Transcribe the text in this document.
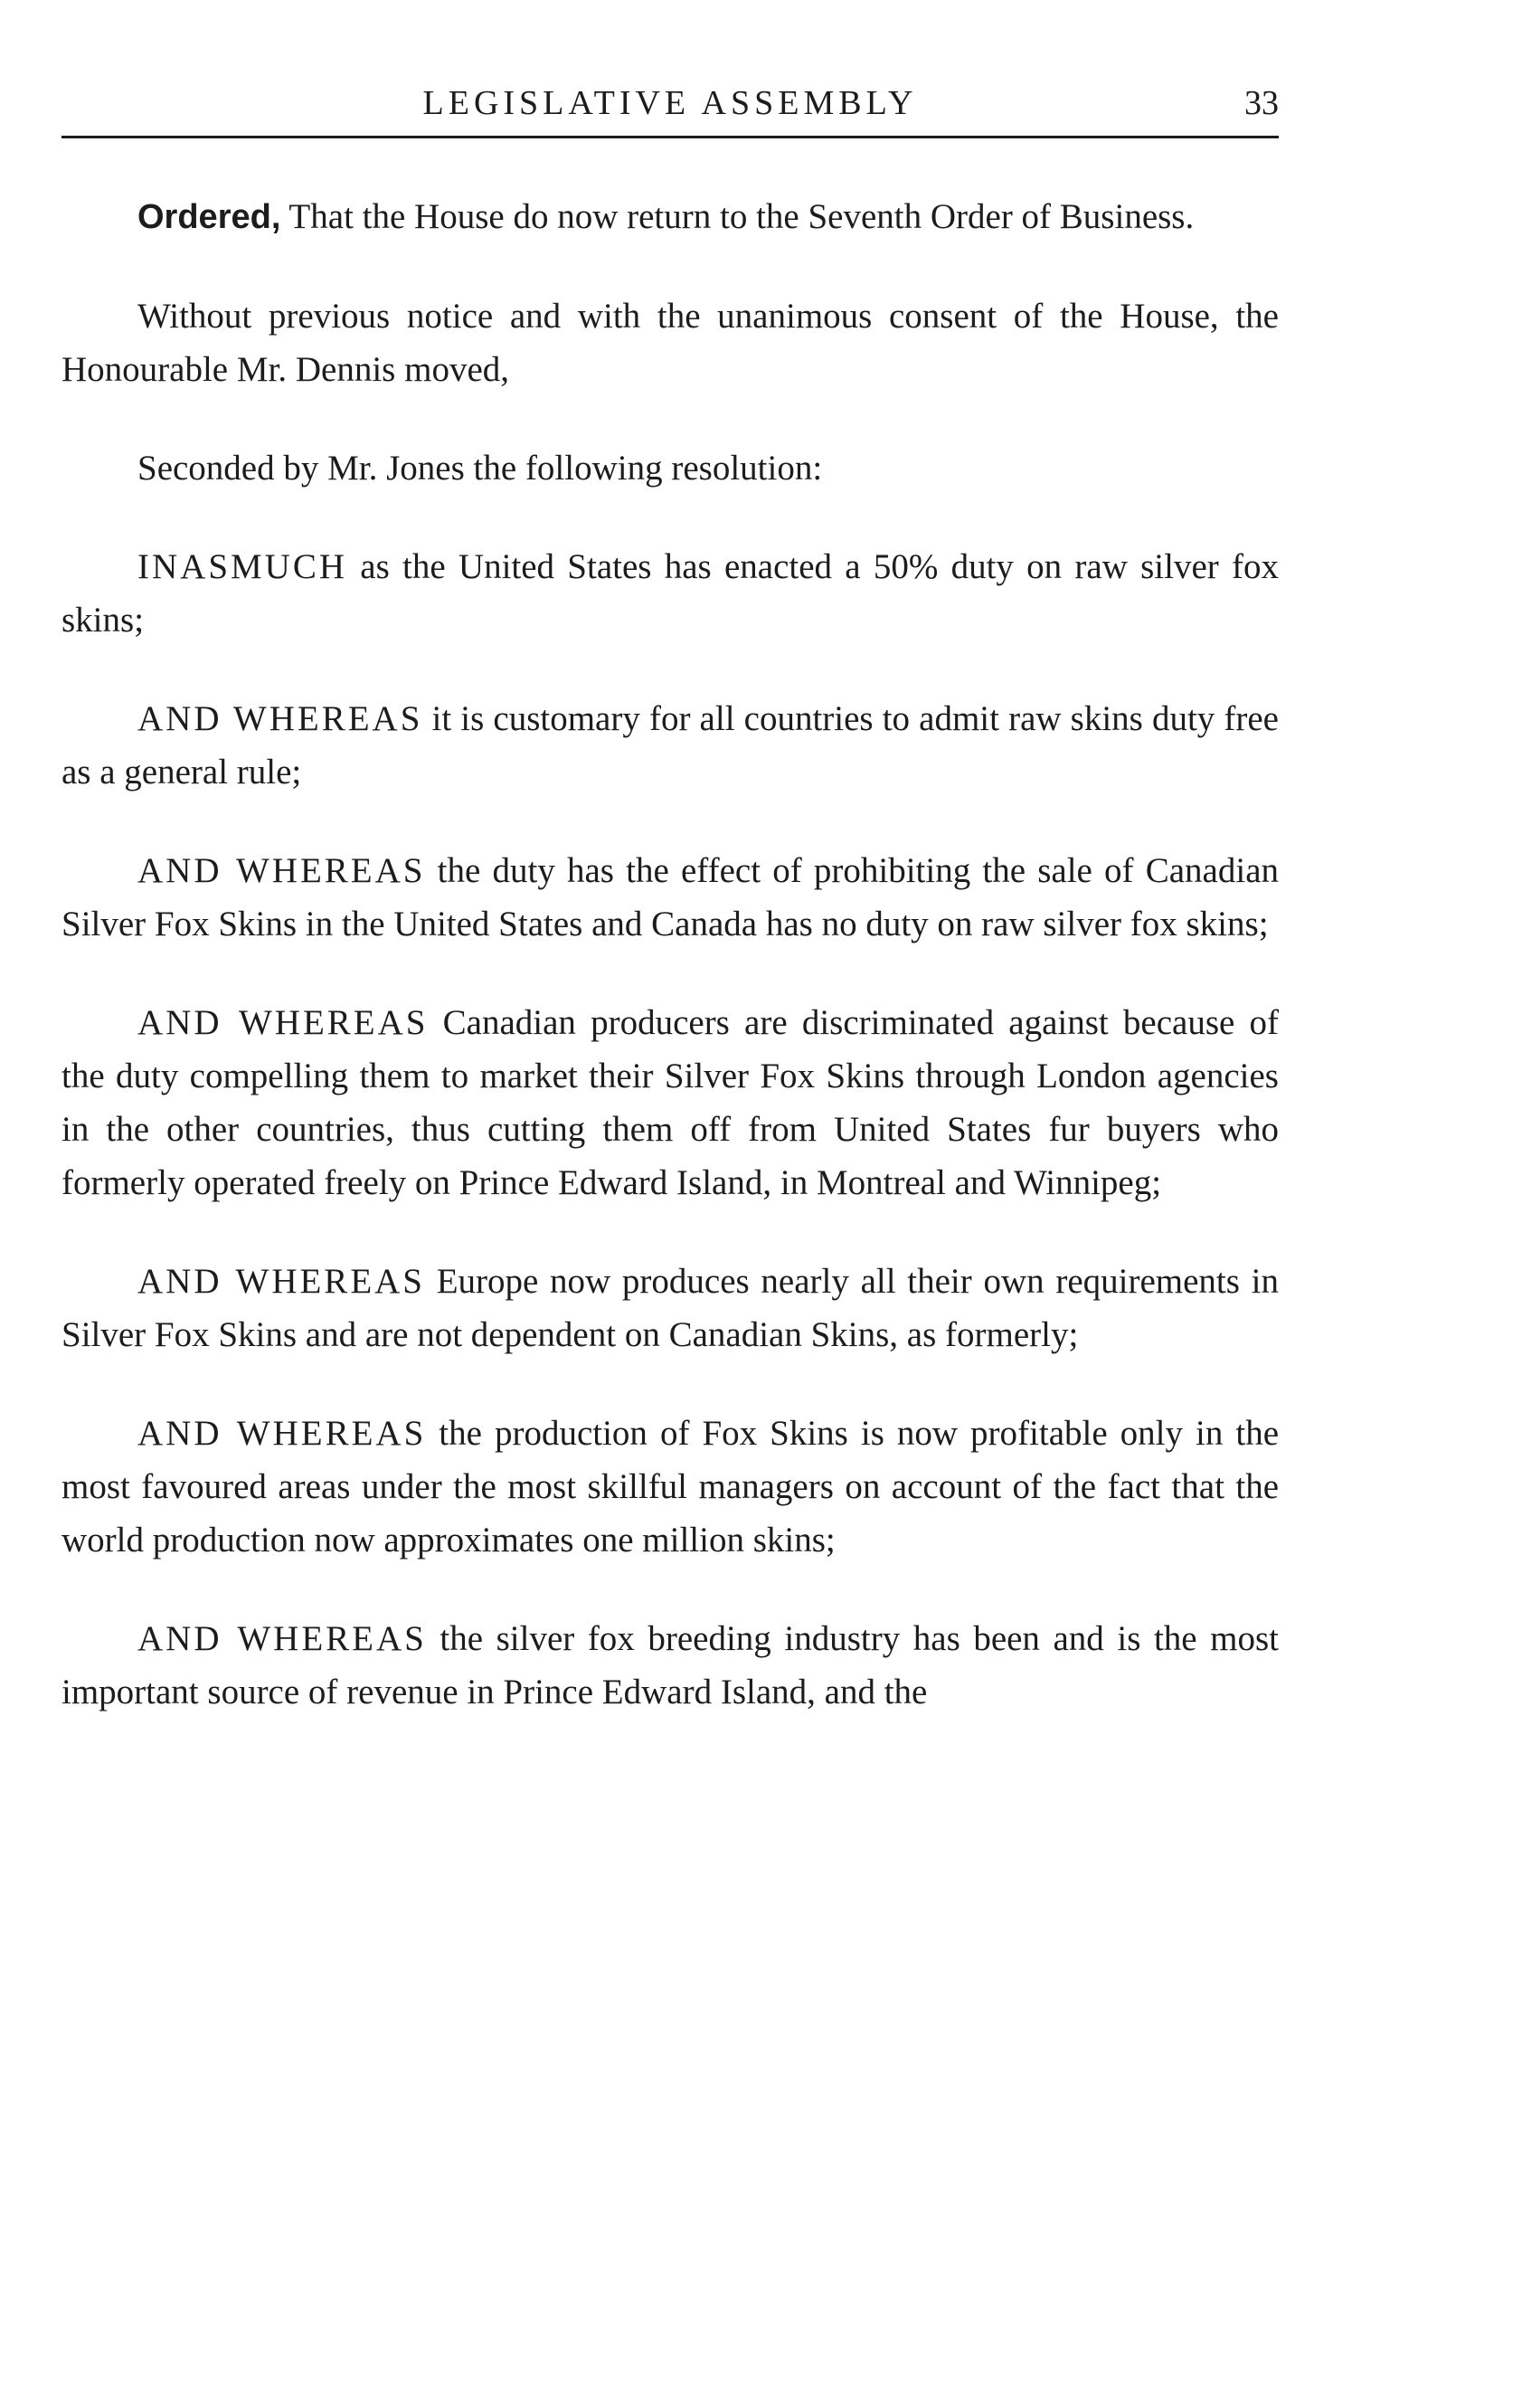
LEGISLATIVE ASSEMBLY	33

Ordered, That the House do now return to the Seventh Order of Business.

Without previous notice and with the unanimous consent of the House, the Honourable Mr. Dennis moved,

Seconded by Mr. Jones the following resolution:

INASMUCH as the United States has enacted a 50% duty on raw silver fox skins;

AND WHEREAS it is customary for all countries to admit raw skins duty free as a general rule;

AND WHEREAS the duty has the effect of prohibiting the sale of Canadian Silver Fox Skins in the United States and Canada has no duty on raw silver fox skins;

AND WHEREAS Canadian producers are discriminated against because of the duty compelling them to market their Silver Fox Skins through London agencies in the other countries, thus cutting them off from United States fur buyers who formerly operated freely on Prince Edward Island, in Montreal and Winnipeg;

AND WHEREAS Europe now produces nearly all their own requirements in Silver Fox Skins and are not dependent on Canadian Skins, as formerly;

AND WHEREAS the production of Fox Skins is now profitable only in the most favoured areas under the most skillful managers on account of the fact that the world production now approximates one million skins;

AND WHEREAS the silver fox breeding industry has been and is the most important source of revenue in Prince Edward Island, and the
